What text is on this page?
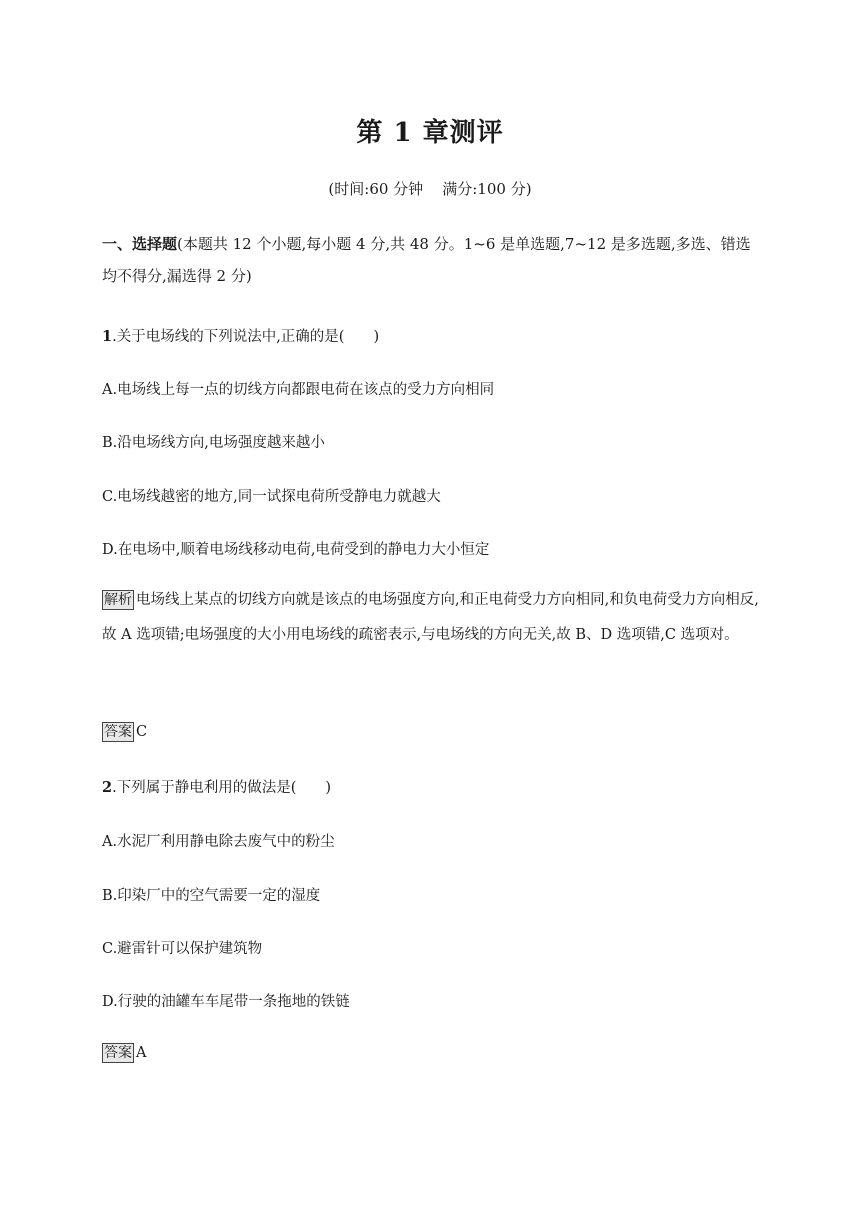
第 1 章测评
(时间:60 分钟    满分:100 分)
一、选择题(本题共 12 个小题,每小题 4 分,共 48 分。1~6 是单选题,7~12 是多选题,多选、错选均不得分,漏选得 2 分)
1.关于电场线的下列说法中,正确的是(　　)
A.电场线上每一点的切线方向都跟电荷在该点的受力方向相同
B.沿电场线方向,电场强度越来越小
C.电场线越密的地方,同一试探电荷所受静电力就越大
D.在电场中,顺着电场线移动电荷,电荷受到的静电力大小恒定
解析 电场线上某点的切线方向就是该点的电场强度方向,和正电荷受力方向相同,和负电荷受力方向相反,故 A 选项错;电场强度的大小用电场线的疏密表示,与电场线的方向无关,故 B、D 选项错,C 选项对。
答案 C
2.下列属于静电利用的做法是(　　)
A.水泥厂利用静电除去废气中的粉尘
B.印染厂中的空气需要一定的湿度
C.避雷针可以保护建筑物
D.行驶的油罐车车尾带一条拖地的铁链
答案 A
